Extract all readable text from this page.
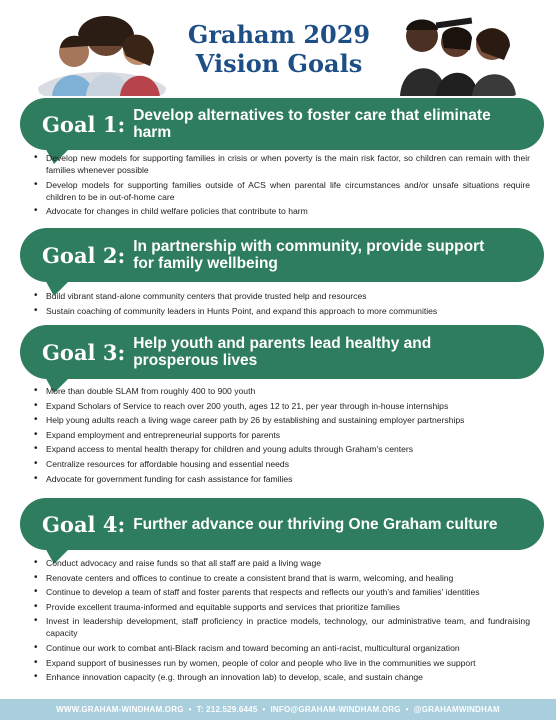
Graham 2029
Vision Goals
Goal 1: Develop alternatives to foster care that eliminate harm
• Develop new models for supporting families in crisis or when poverty is the main risk factor, so children can remain with their families whenever possible
• Develop models for supporting families outside of ACS when parental life circumstances and/or unsafe situations require children to be in out-of-home care
• Advocate for changes in child welfare policies that contribute to harm
Goal 2: In partnership with community, provide support for family wellbeing
• Build vibrant stand-alone community centers that provide trusted help and resources
• Sustain coaching of community leaders in Hunts Point, and expand this approach to more communities
Goal 3: Help youth and parents lead healthy and prosperous lives
• More than double SLAM from roughly 400 to 900 youth
• Expand Scholars of Service to reach over 200 youth, ages 12 to 21, per year through in-house internships
• Help young adults reach a living wage career path by 26 by establishing and sustaining employer partnerships
• Expand employment and entrepreneurial supports for parents
• Expand access to mental health therapy for children and young adults through Graham's centers
• Centralize resources for affordable housing and essential needs
• Advocate for government funding for cash assistance for families
Goal 4: Further advance our thriving One Graham culture
• Conduct advocacy and raise funds so that all staff are paid a living wage
• Renovate centers and offices to continue to create a consistent brand that is warm, welcoming, and healing
• Continue to develop a team of staff and foster parents that respects and reflects our youth's and families' identities
• Provide excellent trauma-informed and equitable supports and services that prioritize families
• Invest in leadership development, staff proficiency in practice models, technology, our administrative team, and fundraising capacity
• Continue our work to combat anti-Black racism and toward becoming an anti-racist, multicultural organization
• Expand support of businesses run by women, people of color and people who live in the communities we support
• Enhance innovation capacity (e.g. through an innovation lab) to develop, scale, and sustain change
WWW.GRAHAM-WINDHAM.ORG • T: 212.529.6445 • INFO@GRAHAM-WINDHAM.ORG • @GRAHAMWINDHAM
